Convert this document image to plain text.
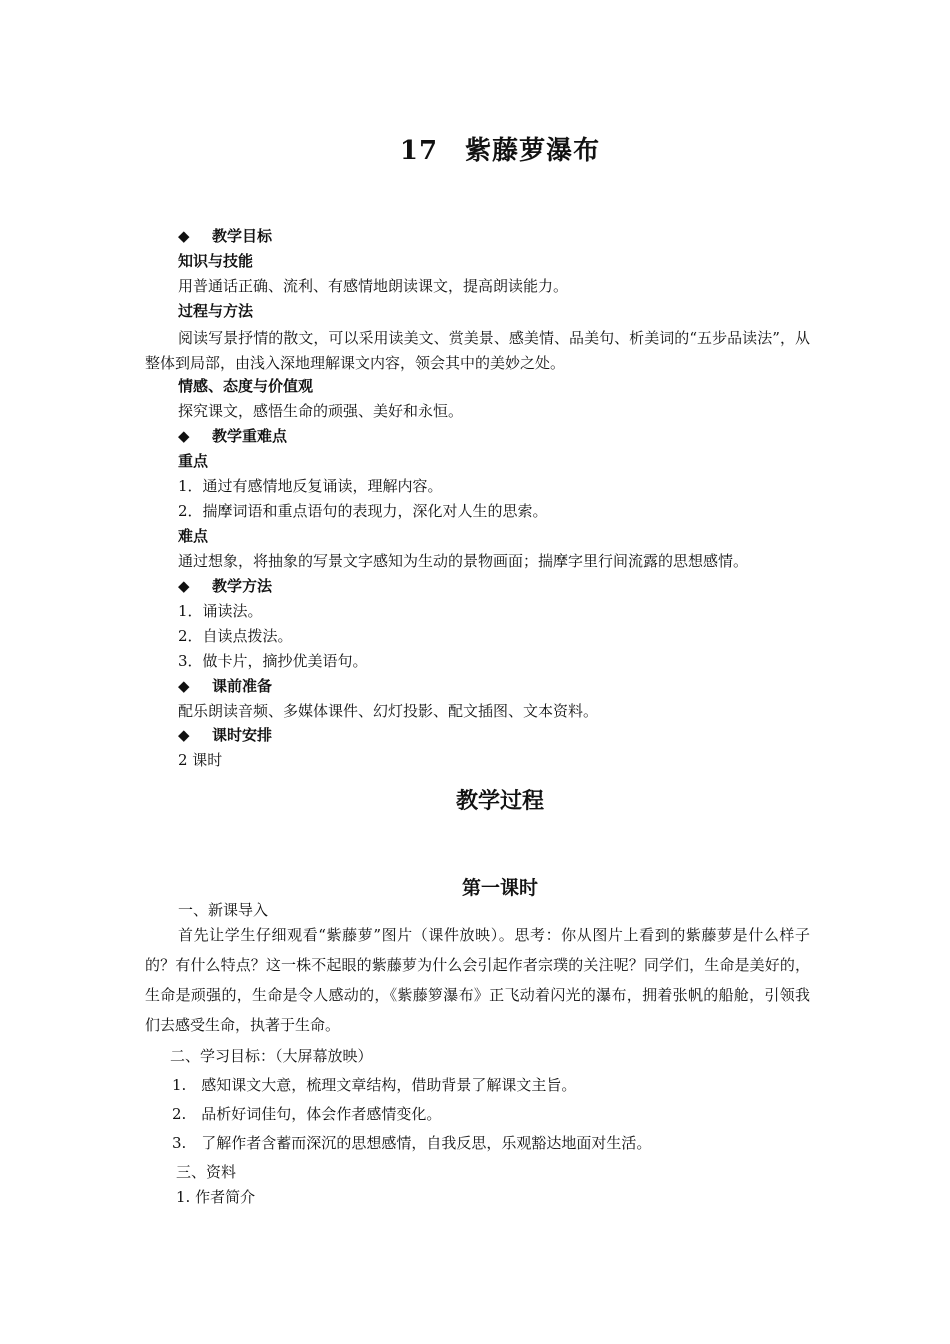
17　紫藤萝瀑布
◆ 教学目标
知识与技能
用普通话正确、流利、有感情地朗读课文，提高朗读能力。
过程与方法
阅读写景抒情的散文，可以采用读美文、赏美景、感美情、品美句、析美词的“五步品读法”，从整体到局部，由浅入深地理解课文内容，领会其中的美妙之处。
情感、态度与价值观
探究课文，感悟生命的顽强、美好和永恒。
◆ 教学重难点
重点
1．通过有感情地反复诵读，理解内容。
2．揣摩词语和重点语句的表现力，深化对人生的思索。
难点
通过想象，将抽象的写景文字感知为生动的景物画面；揣摩字里行间流露的思想感情。
◆ 教学方法
1．诵读法。
2．自读点拨法。
3．做卡片，摘抄优美语句。
◆ 课前准备
配乐朗读音频、多媒体课件、幻灯投影、配文插图、文本资料。
◆ 课时安排
2 课时
教学过程
第一课时
一、新课导入
首先让学生仔细观看“紫藤萝”图片（课件放映）。思考：你从图片上看到的紫藤萝是什么样子的？有什么特点？这一株不起眼的紫藤萝为什么会引起作者宗璞的关注呢？同学们，生命是美好的，生命是顽强的，生命是令人感动的，《紫藤箩瀑布》正飞动着闪光的瀑布，拥着张帆的船舱，引领我们去感受生命，执著于生命。
二、学习目标：（大屏幕放映）
1.　感知课文大意，梳理文章结构，借助背景了解课文主旨。
2.　品析好词佳句，体会作者感情变化。
3.　了解作者含蓄而深沉的思想感情，自我反思，乐观豁达地面对生活。
三、资料
1. 作者简介
